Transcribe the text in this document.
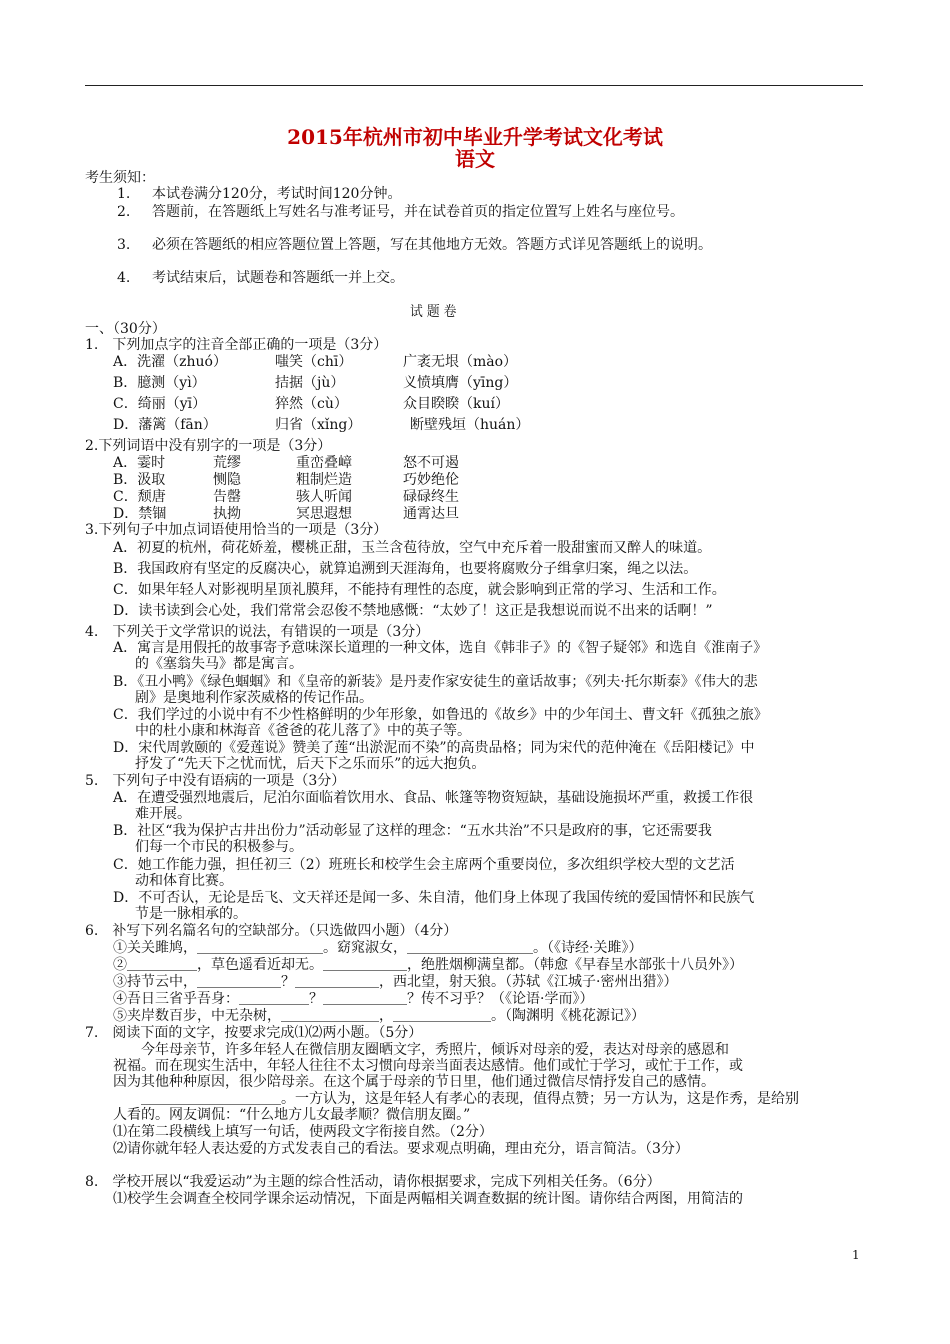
2015年杭州市初中毕业升学考试文化考试
语文
考生须知：
1. 本试卷满分120分，考试时间120分钟。
2. 答题前，在答题纸上写姓名与准考证号，并在试卷首页的指定位置写上姓名与座位号。
3. 必须在答题纸的相应答题位置上答题，写在其他地方无效。答题方式详见答题纸上的说明。
4. 考试结束后，试题卷和答题纸一并上交。
试 题 卷
一、（30分）
1.　下列加点字的注音全部正确的一项是（3分）
A．洗濯（zhuó）	嗤笑（chī）	广袤无垠（mào）
B．臆测（yì）	拮据（jù）	义愤填膺（yīng）
C．绮丽（yī）	猝然（cù）	众目睽睽（kuí）
D．藩篱（fān）	归省（xǐng）	断壁残垣（huán）
2.下列词语中没有别字的一项是（3分）
A．霎时	荒缪	重峦叠嶂	怒不可遏
B．汲取	恻隐	粗制烂造	巧妙绝伦
C．颓唐	告罄	骇人听闻	碌碌终生
D．禁锢	执拗	冥思遐想	通霄达旦
3.下列句子中加点词语使用恰当的一项是（3分）
A．初夏的杭州，荷花娇羞，樱桃正甜，玉兰含苞待放，空气中充斥着一股甜蜜而又醉人的味道。
B．我国政府有坚定的反腐决心，就算追溯到天涯海角，也要将腐败分子缉拿归案，绳之以法。
C．如果年轻人对影视明星顶礼膜拜，不能持有理性的态度，就会影响到正常的学习、生活和工作。
D．读书读到会心处，我们常常会忍俊不禁地感慨：“太妙了！这正是我想说而说不出来的话啊！”
4.　下列关于文学常识的说法，有错误的一项是（3分）
A．寓言是用假托的故事寄予意味深长道理的一种文体，选自《韩非子》的《智子疑邻》和选自《淮南子》
的《塞翁失马》都是寓言。
B．《丑小鸭》《绿色蝈蝈》和《皇帝的新装》是丹麦作家安徒生的童话故事；《列夫·托尔斯泰》《伟大的悲
剧》是奥地利作家茨威格的传记作品。
C．我们学过的小说中有不少性格鲜明的少年形象，如鲁迅的《故乡》中的少年闰土、曹文轩《孤独之旅》
中的杜小康和林海音《爸爸的花儿落了》中的英子等。
D．宋代周敦颐的《爱莲说》赞美了莲“出淤泥而不染”的高贵品格；同为宋代的范仲淹在《岳阳楼记》中
抒发了“先天下之忧而忧，后天下之乐而乐”的远大抱负。
5.　下列句子中没有语病的一项是（3分）
A．在遭受强烈地震后，尼泊尔面临着饮用水、食品、帐篷等物资短缺，基础设施损坏严重，救援工作很
难开展。
B．社区“我为保护古井出份力”活动彰显了这样的理念：“五水共治”不只是政府的事，它还需要我
们每一个市民的积极参与。
C．她工作能力强，担任初三（2）班班长和校学生会主席两个重要岗位，多次组织学校大型的文艺活
动和体育比赛。
D．不可否认，无论是岳飞、文天祥还是闻一多、朱自清，他们身上体现了我国传统的爱国情怀和民族气
节是一脉相承的。
6.　补写下列名篇名句的空缺部分。（只选做四小题）（4分）
①关关雎鸠，＿＿＿＿＿＿＿＿＿。窈窕淑女，＿＿＿＿＿＿＿＿＿。（《诗经·关雎》）
②＿＿＿＿＿，草色遥看近却无。＿＿＿＿＿＿，绝胜烟柳满皇都。（韩愈《早春呈水部张十八员外》）
③持节云中，＿＿＿＿＿＿？＿＿＿＿＿＿，西北望，射天狼。（苏轼《江城子·密州出猎》）
④吾日三省乎吾身：＿＿＿＿＿？＿＿＿＿＿＿？传不习乎？（《论语·学而》）
⑤夹岸数百步，中无杂树，＿＿＿＿＿＿＿，＿＿＿＿＿＿＿。（陶渊明《桃花源记》）
7.　阅读下面的文字，按要求完成⑴⑵两小题。（5分）
　　今年母亲节，许多年轻人在微信朋友圈晒文字，秀照片，倾诉对母亲的爱，表达对母亲的感恩和
祝福。而在现实生活中，年轻人往往不太习惯向母亲当面表达感情。他们或忙于学习，或忙于工作，或
因为其他种种原因，很少陪母亲。在这个属于母亲的节日里，他们通过微信尽情抒发自己的感情。
　　＿＿＿＿＿＿＿＿＿＿。一方认为，这是年轻人有孝心的表现，值得点赞；另一方认为，这是作秀，是给别
人看的。网友调侃：“什么地方儿女最孝顺？微信朋友圈。”
⑴在第二段横线上填写一句话，使两段文字衔接自然。（2分）
⑵请你就年轻人表达爱的方式发表自己的看法。要求观点明确，理由充分，语言简洁。（3分）
8.　学校开展以“我爱运动”为主题的综合性活动，请你根据要求，完成下列相关任务。（6分）
⑴校学生会调查全校同学课余运动情况，下面是两幅相关调查数据的统计图。请你结合两图，用简洁的
1
